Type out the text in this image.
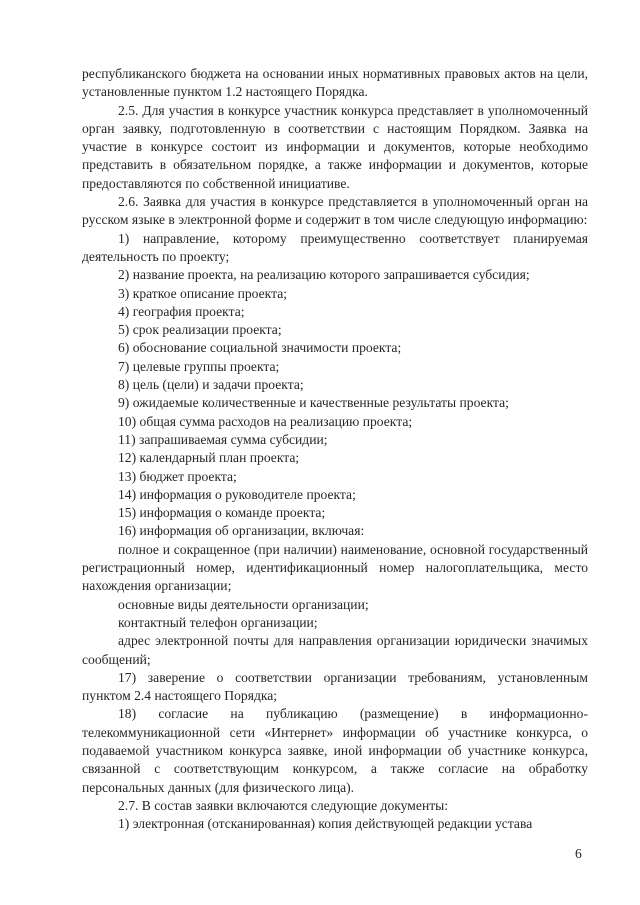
республиканского бюджета на основании иных нормативных правовых актов на цели, установленные пунктом 1.2 настоящего Порядка.

2.5. Для участия в конкурсе участник конкурса представляет в уполномоченный орган заявку, подготовленную в соответствии с настоящим Порядком. Заявка на участие в конкурсе состоит из информации и документов, которые необходимо представить в обязательном порядке, а также информации и документов, которые предоставляются по собственной инициативе.

2.6. Заявка для участия в конкурсе представляется в уполномоченный орган на русском языке в электронной форме и содержит в том числе следующую информацию:

1) направление, которому преимущественно соответствует планируемая деятельность по проекту;

2) название проекта, на реализацию которого запрашивается субсидия;

3) краткое описание проекта;

4) география проекта;

5) срок реализации проекта;

6) обоснование социальной значимости проекта;

7) целевые группы проекта;

8) цель (цели) и задачи проекта;

9) ожидаемые количественные и качественные результаты проекта;

10) общая сумма расходов на реализацию проекта;

11) запрашиваемая сумма субсидии;

12) календарный план проекта;

13) бюджет проекта;

14) информация о руководителе проекта;

15) информация о команде проекта;

16) информация об организации, включая:

полное и сокращенное (при наличии) наименование, основной государственный регистрационный номер, идентификационный номер налогоплательщика, место нахождения организации;

основные виды деятельности организации;

контактный телефон организации;

адрес электронной почты для направления организации юридически значимых сообщений;

17) заверение о соответствии организации требованиям, установленным пунктом 2.4 настоящего Порядка;

18) согласие на публикацию (размещение) в информационно-телекоммуникационной сети «Интернет» информации об участнике конкурса, о подаваемой участником конкурса заявке, иной информации об участнике конкурса, связанной с соответствующим конкурсом, а также согласие на обработку персональных данных (для физического лица).

2.7. В состав заявки включаются следующие документы:

1) электронная (отсканированная) копия действующей редакции устава

6
